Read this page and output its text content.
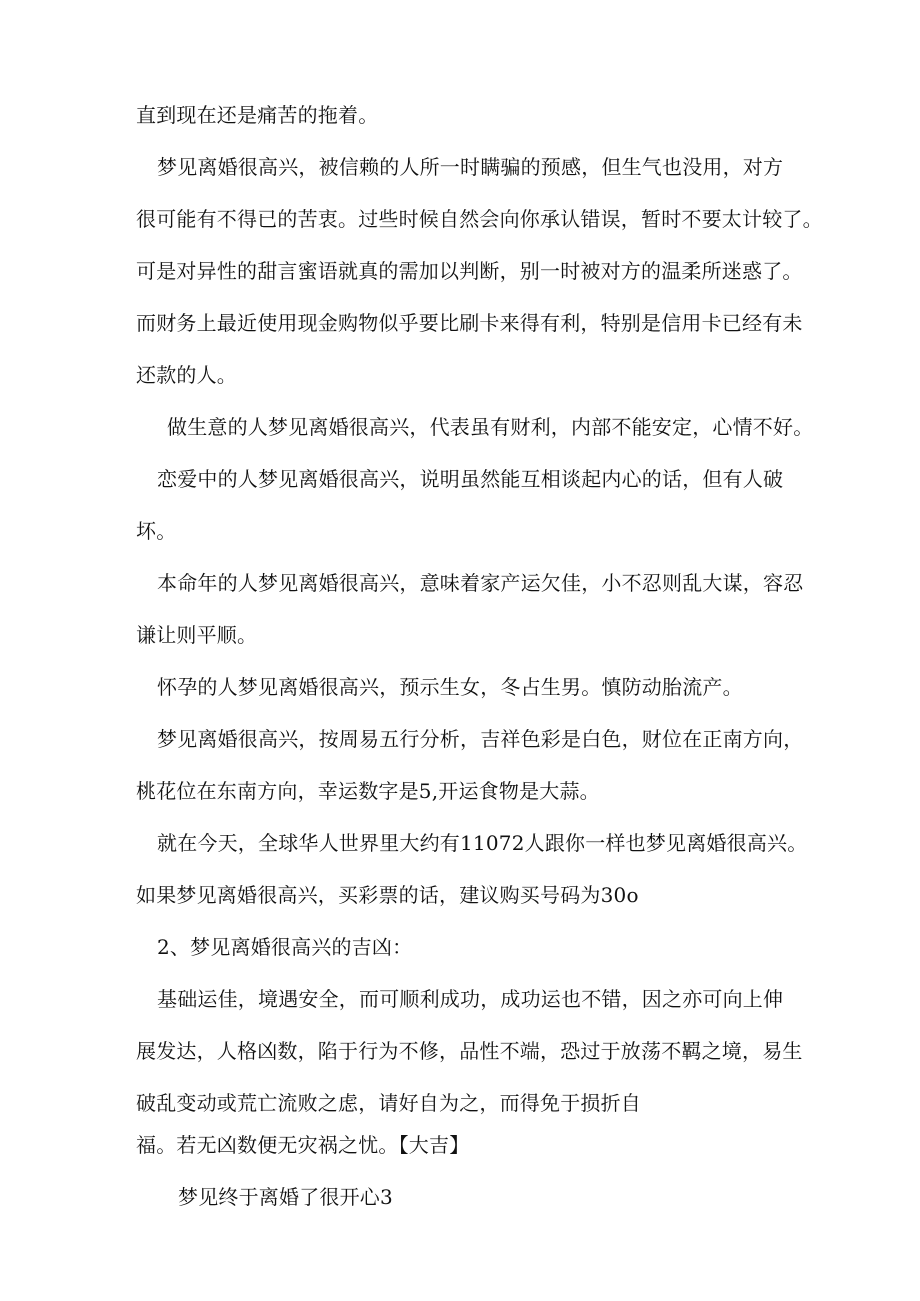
直到现在还是痛苦的拖着。

梦见离婚很高兴，被信赖的人所一时瞒骗的预感，但生气也没用，对方

很可能有不得已的苦衷。过些时候自然会向你承认错误，暂时不要太计较了。

可是对异性的甜言蜜语就真的需加以判断，别一时被对方的温柔所迷惑了。

而财务上最近使用现金购物似乎要比刷卡来得有利，特别是信用卡已经有未

还款的人。

做生意的人梦见离婚很高兴，代表虽有财利，内部不能安定，心情不好。

恋爱中的人梦见离婚很高兴，说明虽然能互相谈起内心的话，但有人破

坏。

本命年的人梦见离婚很高兴，意味着家产运欠佳，小不忍则乱大谋，容忍

谦让则平顺。

怀孕的人梦见离婚很高兴，预示生女，冬占生男。慎防动胎流产。

梦见离婚很高兴，按周易五行分析，吉祥色彩是白色，财位在正南方向，

桃花位在东南方向，幸运数字是5,开运食物是大蒜。

就在今天，全球华人世界里大约有11072人跟你一样也梦见离婚很高兴。

如果梦见离婚很高兴，买彩票的话，建议购买号码为30o

2、梦见离婚很高兴的吉凶：

基础运佳，境遇安全，而可顺利成功，成功运也不错，因之亦可向上伸

展发达，人格凶数，陷于行为不修，品性不端，恐过于放荡不羁之境，易生

破乱变动或荒亡流败之虑，请好自为之，而得免于损折自

福。若无凶数便无灾祸之忧。【大吉】

梦见终于离婚了很开心3
